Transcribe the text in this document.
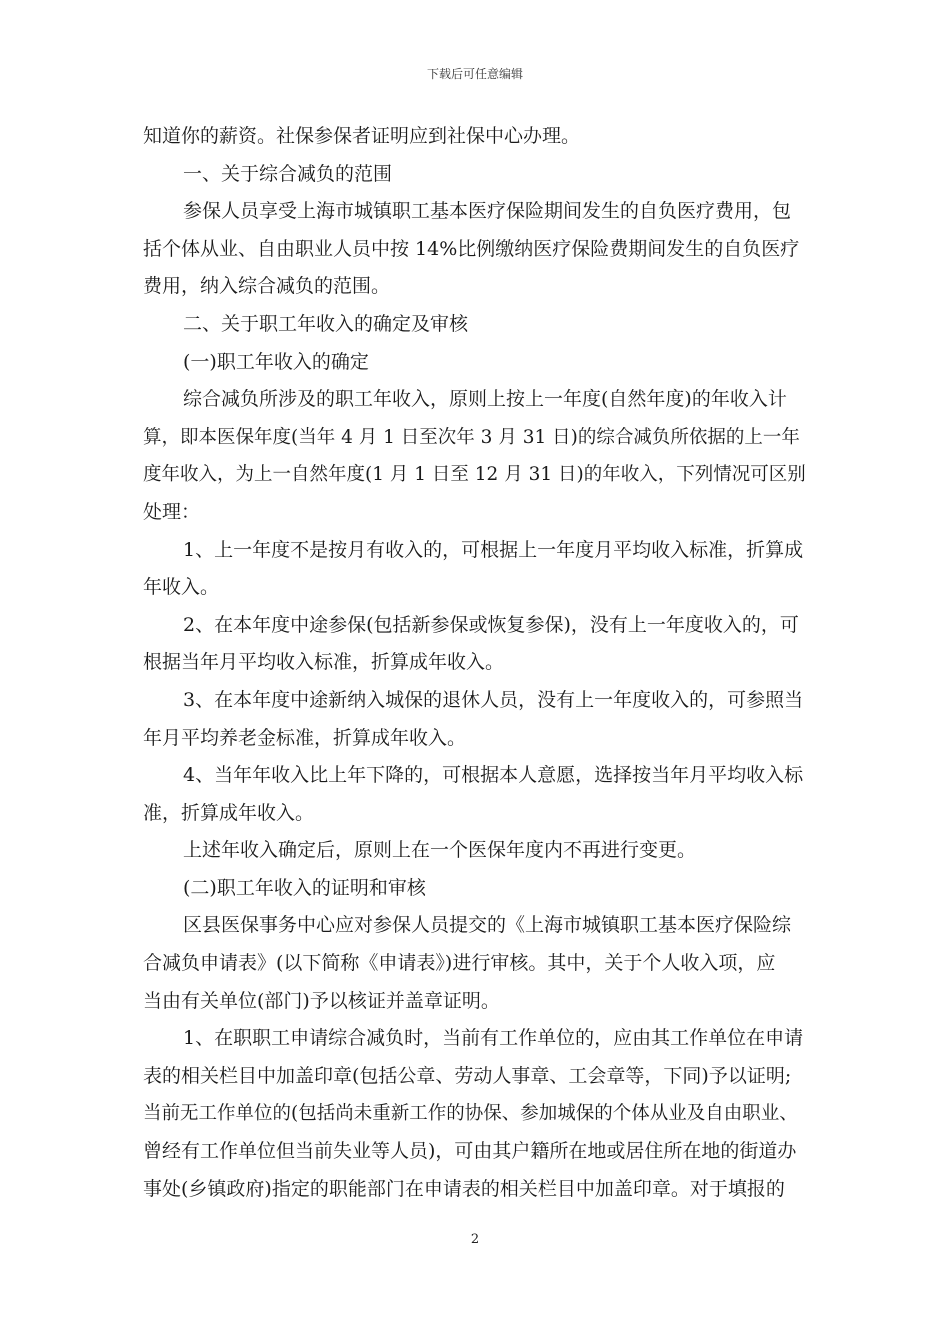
下载后可任意编辑
知道你的薪资。社保参保者证明应到社保中心办理。
一、关于综合减负的范围
参保人员享受上海市城镇职工基本医疗保险期间发生的自负医疗费用，包
括个体从业、自由职业人员中按 14%比例缴纳医疗保险费期间发生的自负医疗
费用，纳入综合减负的范围。
二、关于职工年收入的确定及审核
(一)职工年收入的确定
综合减负所涉及的职工年收入，原则上按上一年度(自然年度)的年收入计
算，即本医保年度(当年 4 月 1 日至次年 3 月 31 日)的综合减负所依据的上一年
度年收入，为上一自然年度(1 月 1 日至 12 月 31 日)的年收入，下列情况可区别
处理：
1、上一年度不是按月有收入的，可根据上一年度月平均收入标准，折算成
年收入。
2、在本年度中途参保(包括新参保或恢复参保)，没有上一年度收入的，可
根据当年月平均收入标准，折算成年收入。
3、在本年度中途新纳入城保的退休人员，没有上一年度收入的，可参照当
年月平均养老金标准，折算成年收入。
4、当年年收入比上年下降的，可根据本人意愿，选择按当年月平均收入标
准，折算成年收入。
上述年收入确定后，原则上在一个医保年度内不再进行变更。
(二)职工年收入的证明和审核
区县医保事务中心应对参保人员提交的《上海市城镇职工基本医疗保险综
合减负申请表》(以下简称《申请表》)进行审核。其中，关于个人收入项，应
当由有关单位(部门)予以核证并盖章证明。
1、在职职工申请综合减负时，当前有工作单位的，应由其工作单位在申请
表的相关栏目中加盖印章(包括公章、劳动人事章、工会章等，下同)予以证明;
当前无工作单位的(包括尚未重新工作的协保、参加城保的个体从业及自由职业、
曾经有工作单位但当前失业等人员)，可由其户籍所在地或居住所在地的街道办
事处(乡镇政府)指定的职能部门在申请表的相关栏目中加盖印章。对于填报的
2
